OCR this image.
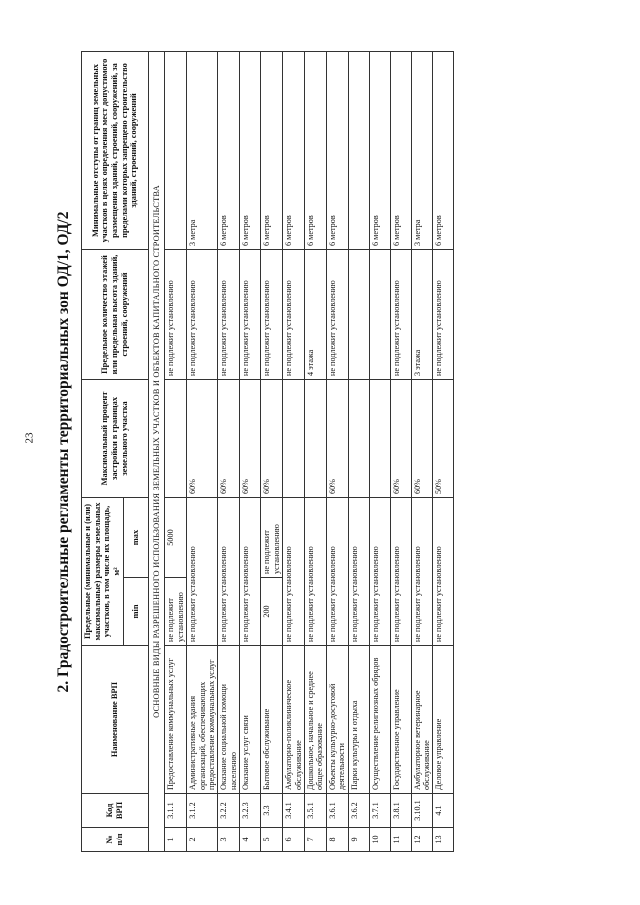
23 2. Градостроительные регламенты территориальных зон ОД/1, ОД/2
№ п/п	Код ВРП	Наименование ВРП	Предельные (минимальные и (или) максимальные) размеры земельных участков, в том числе их площадь, м²		Максимальный процент застройки в границах земельного участка	Предельное количество этажей или предельная высота зданий, строений, сооружений	Минимальные отступы от границ земельных участков в целях определения мест допустимого размещения зданий, строений, сооружений, за пределами которых запрещено строительство зданий, строений, сооружений
			min	max			
ОСНОВНЫЕ ВИДЫ РАЗРЕШЕННОГО ИСПОЛЬЗОВАНИЯ ЗЕМЕЛЬНЫХ УЧАСТКОВ И ОБЪЕКТОВ КАПИТАЛЬНОГО СТРОИТЕЛЬСТВА							
1	3.1.1	Предоставление коммунальных услуг	не подлежит установлению	5000		не подлежит установлению	
2	3.1.2	Административные здания организаций, обеспечивающих предоставление коммунальных услуг	не подлежит установлению		60%	не подлежит установлению	3 метра
3	3.2.2	Оказание социальной помощи населению	не подлежит установлению		60%	не подлежит установлению	6 метров
4	3.2.3	Оказание услуг связи	не подлежит установлению		60%	не подлежит установлению	6 метров
5	3.3	Бытовое обслуживание	200	не подлежит установлению	60%	не подлежит установлению	6 метров
6	3.4.1	Амбулаторно-поликлиническое обслуживание	не подлежит установлению			не подлежит установлению	6 метров
7	3.5.1	Дошкольное, начальное и среднее общее образование	не подлежит установлению			4 этажа	6 метров
8	3.6.1	Объекты культурно-досуговой деятельности	не подлежит установлению		60%	не подлежит установлению	6 метров
9	3.6.2	Парки культуры и отдыха	не подлежит установлению				
10	3.7.1	Осуществление религиозных обрядов	не подлежит установлению				6 метров
11	3.8.1	Государственное управление	не подлежит установлению		60%	не подлежит установлению	6 метров
12	3.10.1	Амбулаторное ветеринарное обслуживание	не подлежит установлению		60%	3 этажа	3 метра
13	4.1	Деловое управление	не подлежит установлению		50%	не подлежит установлению	6 метров
